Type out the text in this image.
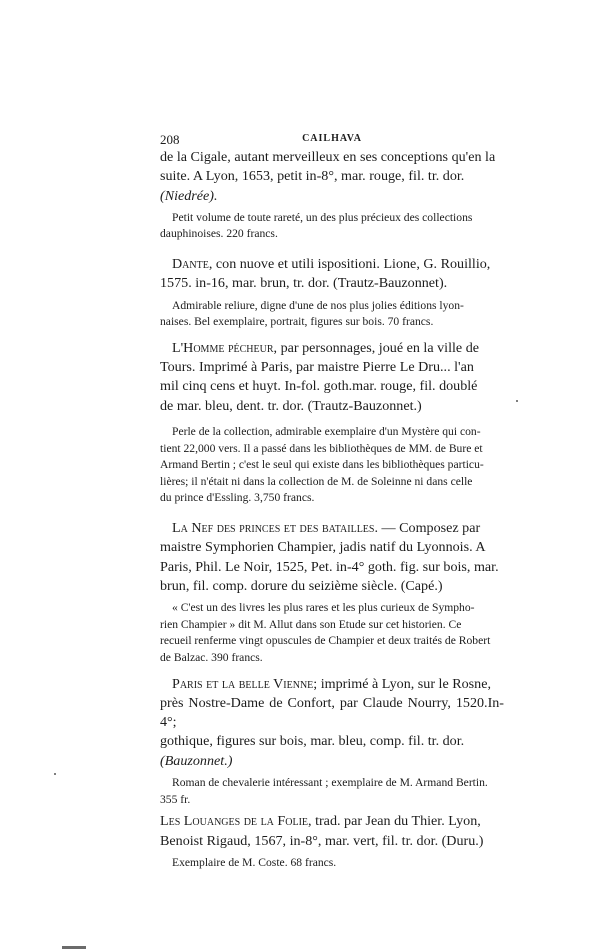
208	CAILHAVA

de la Cigale, autant merveilleux en ses conceptions qu'en la
suite. A Lyon, 1653, petit in-8°, mar. rouge, fil. tr. dor.
(Niedrée).

Petit volume de toute rareté, un des plus précieux des collections
dauphinoises. 220 francs.

Dante, con nuove et utili ispositioni. Lione, G. Rouillio,
1575. in-16, mar. brun, tr. dor. (Trautz-Bauzonnet).

Admirable reliure, digne d'une de nos plus jolies éditions lyon-
naises. Bel exemplaire, portrait, figures sur bois. 70 francs.

L'Homme pécheur, par personnages, joué en la ville de
Tours. Imprimé à Paris, par maistre Pierre Le Dru... l'an
mil cinq cens et huyt. In-fol. goth.mar. rouge, fil. doublé
de mar. bleu, dent. tr. dor. (Trautz-Bauzonnet.)

Perle de la collection, admirable exemplaire d'un Mystère qui con-
tient 22,000 vers. Il a passé dans les bibliothèques de MM. de Bure et
Armand Bertin ; c'est le seul qui existe dans les bibliothèques particu-
lières; il n'était ni dans la collection de M. de Soleinne ni dans celle
du prince d'Essling. 3,750 francs.

La Nef des princes et des batailles. — Composez par
maistre Symphorien Champier, jadis natif du Lyonnois. A
Paris, Phil. Le Noir, 1525, Pet. in-4° goth. fig. sur bois, mar.
brun, fil. comp. dorure du seizième siècle. (Capé.)

« C'est un des livres les plus rares et les plus curieux de Sympho-
rien Champier » dit M. Allut dans son Etude sur cet historien. Ce
recueil renferme vingt opuscules de Champier et deux traités de Robert
de Balzac. 390 francs.

Paris et la belle Vienne; imprimé à Lyon, sur le Rosne,
près Nostre-Dame de Confort, par Claude Nourry, 1520.In-4°;
gothique, figures sur bois, mar. bleu, comp. fil. tr. dor.
(Bauzonnet.)

Roman de chevalerie intéressant ; exemplaire de M. Armand Bertin.
355 fr.

Les Louanges de la Folie, trad. par Jean du Thier. Lyon,
Benoist Rigaud, 1567, in-8°, mar. vert, fil. tr. dor. (Duru.)

Exemplaire de M. Coste. 68 francs.
